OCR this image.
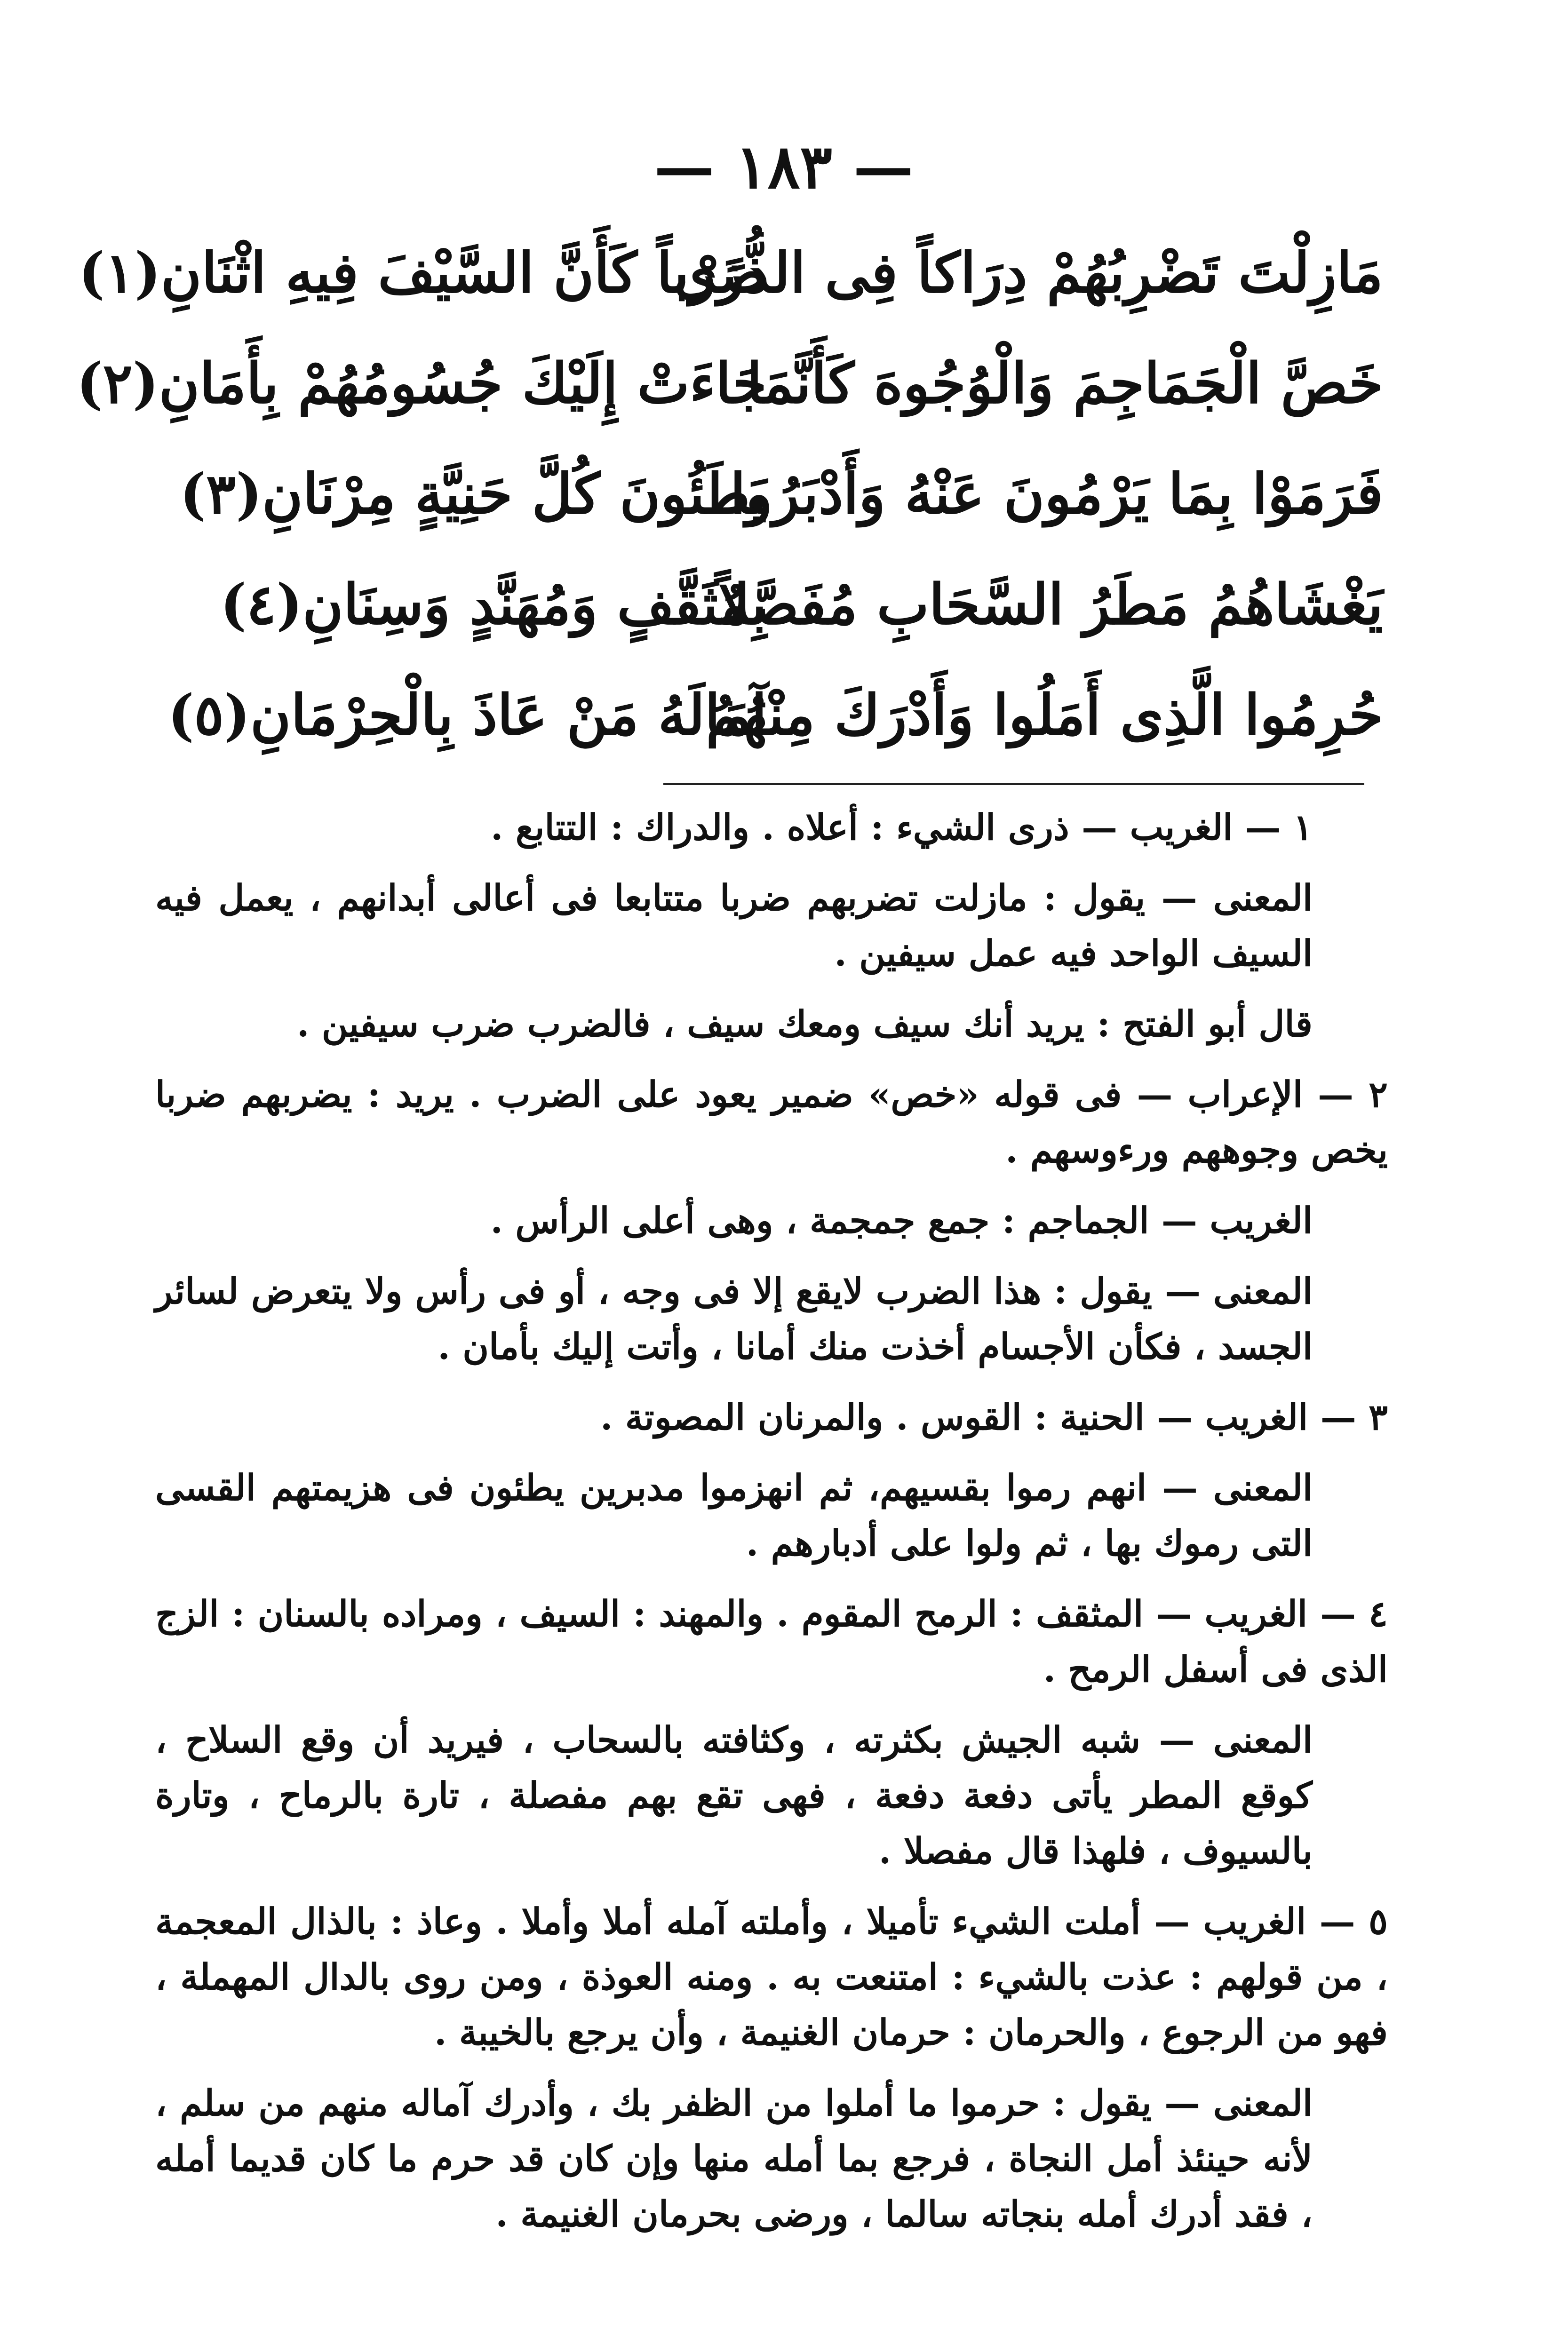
— ١٨٣ —
مَازِلْتَ تَضْرِبُهُمْ دِرَاكاً فِى الذُّرَى
ضَرْباً كَأَنَّ السَّيْفَ فِيهِ اثْنَانِ(١)
خَصَّ الْجَمَاجِمَ وَالْوُجُوهَ كَأَنَّمَا
جَاءَتْ إِلَيْكَ جُسُومُهُمْ بِأَمَانِ(٢)
فَرَمَوْا بِمَا يَرْمُونَ عَنْهُ وَأَدْبَرُوا
يَطَئُونَ كُلَّ حَنِيَّةٍ مِرْنَانِ(٣)
يَغْشَاهُمُ مَطَرُ السَّحَابِ مُفَصَّلاً
بِمُثَقَّفٍ وَمُهَنَّدٍ وَسِنَانِ(٤)
حُرِمُوا الَّذِى أَمَلُوا وَأَدْرَكَ مِنْهُمُ
آمَالَهُ مَنْ عَاذَ بِالْحِرْمَانِ(٥)

١ — الغريب — ذرى الشيء : أعلاه . والدراك : التتابع .

المعنى — يقول : مازلت تضربهم ضربا متتابعا فى أعالى أبدانهم ، يعمل فيه السيف الواحد فيه عمل سيفين .

قال أبو الفتح : يريد أنك سيف ومعك سيف ، فالضرب ضرب سيفين .

٢ — الإعراب — فى قوله «خص» ضمير يعود على الضرب . يريد : يضربهم ضربا يخص وجوههم ورءوسهم .

الغريب — الجماجم : جمع جمجمة ، وهى أعلى الرأس .

المعنى — يقول : هذا الضرب لايقع إلا فى وجه ، أو فى رأس ولا يتعرض لسائر الجسد ، فكأن الأجسام أخذت منك أمانا ، وأتت إليك بأمان .

٣ — الغريب — الحنية : القوس . والمرنان المصوتة .

المعنى — انهم رموا بقسيهم، ثم انهزموا مدبرين يطئون فى هزيمتهم القسى التى رموك بها ، ثم ولوا على أدبارهم .

٤ — الغريب — المثقف : الرمح المقوم . والمهند : السيف ، ومراده بالسنان : الزج الذى فى أسفل الرمح .

المعنى — شبه الجيش بكثرته ، وكثافته بالسحاب ، فيريد أن وقع السلاح ، كوقع المطر يأتى دفعة دفعة ، فهى تقع بهم مفصلة ، تارة بالرماح ، وتارة بالسيوف ، فلهذا قال مفصلا .

٥ — الغريب — أملت الشيء تأميلا ، وأملته آمله أملا وأملا . وعاذ : بالذال المعجمة ، من قولهم : عذت بالشيء : امتنعت به . ومنه العوذة ، ومن روى بالدال المهملة ، فهو من الرجوع ، والحرمان : حرمان الغنيمة ، وأن يرجع بالخيبة .

المعنى — يقول : حرموا ما أملوا من الظفر بك ، وأدرك آماله منهم من سلم ، لأنه حينئذ أمل النجاة ، فرجع بما أمله منها وإن كان قد حرم ما كان قديما أمله ، فقد أدرك أمله بنجاته سالما ، ورضى بحرمان الغنيمة .
